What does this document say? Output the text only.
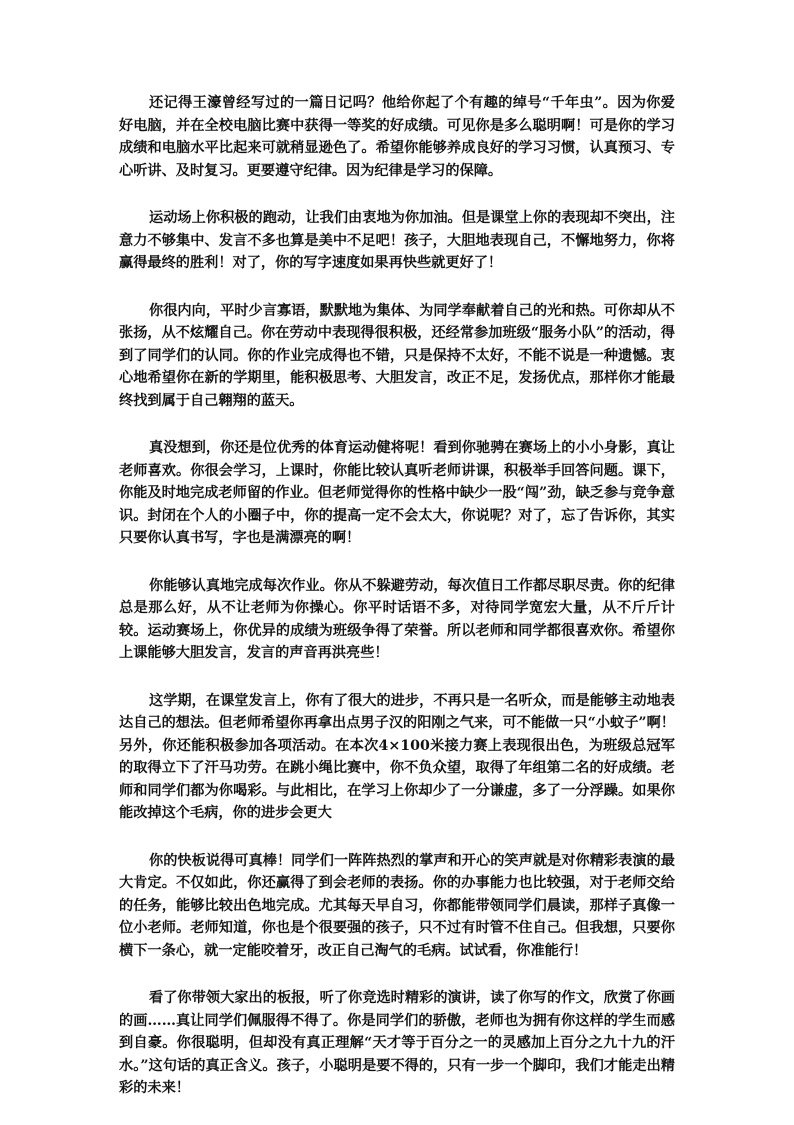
还记得王濠曾经写过的一篇日记吗？他给你起了个有趣的绰号“千年虫”。因为你爱好电脑，并在全校电脑比赛中获得一等奖的好成绩。可见你是多么聪明啊！可是你的学习成绩和电脑水平比起来可就稍显逊色了。希望你能够养成良好的学习习惯，认真预习、专心听讲、及时复习。更要遵守纪律。因为纪律是学习的保障。

运动场上你积极的跑动，让我们由衷地为你加油。但是课堂上你的表现却不突出，注意力不够集中、发言不多也算是美中不足吧！孩子，大胆地表现自己，不懈地努力，你将赢得最终的胜利！对了，你的写字速度如果再快些就更好了！

你很内向，平时少言寡语，默默地为集体、为同学奉献着自己的光和热。可你却从不张扬，从不炫耀自己。你在劳动中表现得很积极，还经常参加班级“服务小队”的活动，得到了同学们的认同。你的作业完成得也不错，只是保持不太好，不能不说是一种遗憾。衷心地希望你在新的学期里，能积极思考、大胆发言，改正不足，发扬优点，那样你才能最终找到属于自己翱翔的蓝天。

真没想到，你还是位优秀的体育运动健将呢！看到你驰骋在赛场上的小小身影，真让老师喜欢。你很会学习，上课时，你能比较认真听老师讲课，积极举手回答问题。课下，你能及时地完成老师留的作业。但老师觉得你的性格中缺少一股“闯”劲，缺乏参与竞争意识。封闭在个人的小圈子中，你的提高一定不会太大，你说呢？对了，忘了告诉你，其实只要你认真书写，字也是满漂亮的啊！

你能够认真地完成每次作业。你从不躲避劳动，每次值日工作都尽职尽责。你的纪律总是那么好，从不让老师为你操心。你平时话语不多，对待同学宽宏大量，从不斤斤计较。运动赛场上，你优异的成绩为班级争得了荣誉。所以老师和同学都很喜欢你。希望你上课能够大胆发言，发言的声音再洪亮些！

这学期，在课堂发言上，你有了很大的进步，不再只是一名听众，而是能够主动地表达自己的想法。但老师希望你再拿出点男子汉的阳刚之气来，可不能做一只“小蚊子”啊！另外，你还能积极参加各项活动。在本次4×100米接力赛上表现很出色，为班级总冠军的取得立下了汗马功劳。在跳小绳比赛中，你不负众望，取得了年组第二名的好成绩。老师和同学们都为你喝彩。与此相比，在学习上你却少了一分谦虚，多了一分浮躁。如果你能改掉这个毛病，你的进步会更大

你的快板说得可真棒！同学们一阵阵热烈的掌声和开心的笑声就是对你精彩表演的最大肯定。不仅如此，你还赢得了到会老师的表扬。你的办事能力也比较强，对于老师交给的任务，能够比较出色地完成。尤其每天早自习，你都能带领同学们晨读，那样子真像一位小老师。老师知道，你也是个很要强的孩子，只不过有时管不住自己。但我想，只要你横下一条心，就一定能咬着牙，改正自己淘气的毛病。试试看，你准能行！

看了你带领大家出的板报，听了你竞选时精彩的演讲，读了你写的作文，欣赏了你画的画……真让同学们佩服得不得了。你是同学们的骄傲，老师也为拥有你这样的学生而感到自豪。你很聪明，但却没有真正理解“天才等于百分之一的灵感加上百分之九十九的汗水。”这句话的真正含义。孩子，小聪明是要不得的，只有一步一个脚印，我们才能走出精彩的未来！
